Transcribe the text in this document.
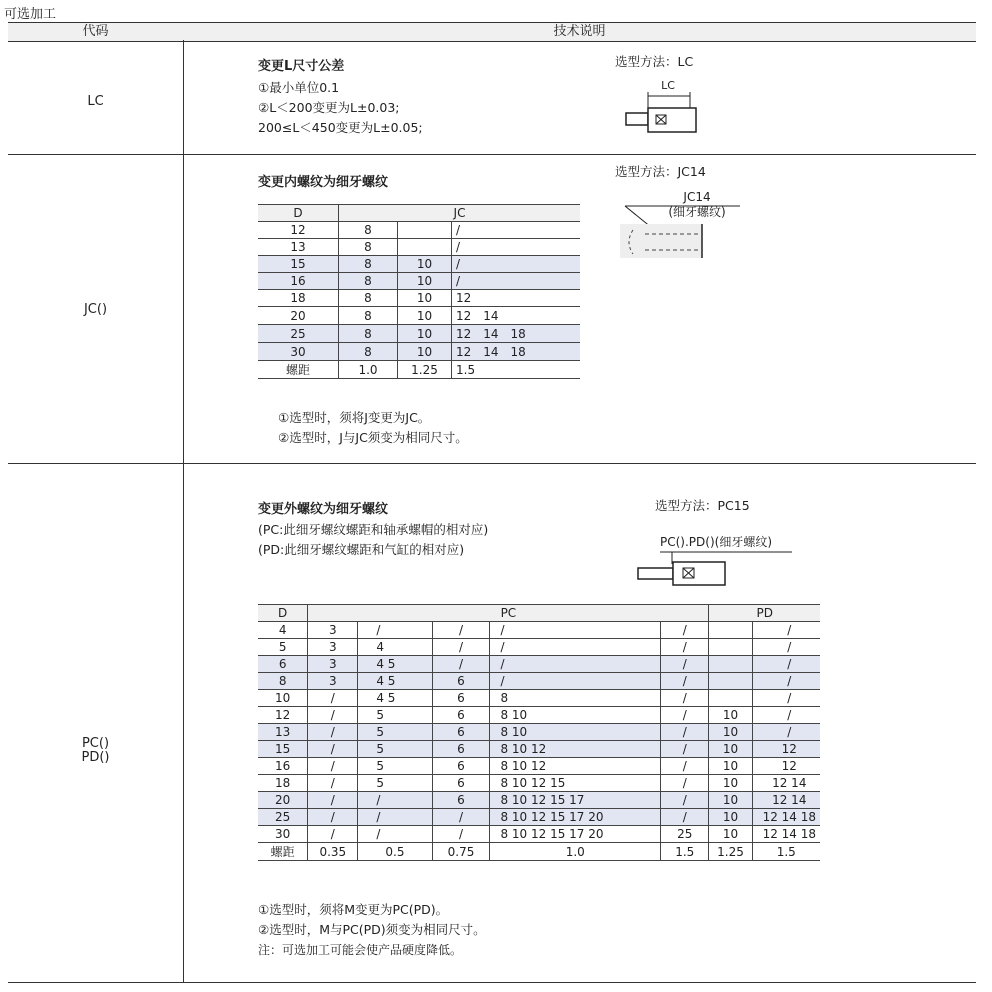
可选加工
代码	技术说明
LC
变更L尺寸公差
①最小单位0.1
②L＜200变更为L±0.03;
200≤L＜450变更为L±0.05;
选型方法：LC
LC
JC()
变更内螺纹为细牙螺纹
选型方法：JC14
JC14
(细牙螺纹)
D	JC		
12	8		/
13	8		/
15	8	10	/
16	8	10	/
18	8	10	12
20	8	10	12　14
25	8	10	12　14　18
30	8	10	12　14　18
螺距	1.0	1.25	1.5
①选型时，须将J变更为JC。
②选型时，J与JC须变为相同尺寸。
PC()
PD()
变更外螺纹为细牙螺纹
(PC:此细牙螺纹螺距和轴承螺帽的相对应)
(PD:此细牙螺纹螺距和气缸的相对应)
选型方法：PC15
PC().PD()(细牙螺纹)
D	PC					PD	
4	3	/	/	/	/		/
5	3	4	/	/	/		/
6	3	4 5	/	/	/		/
8	3	4 5	6	/	/		/
10	/	4 5	6	8	/		/
12	/	5	6	8 10	/	10	/
13	/	5	6	8 10	/	10	/
15	/	5	6	8 10 12	/	10	12
16	/	5	6	8 10 12	/	10	12
18	/	5	6	8 10 12 15	/	10	12 14
20	/	/	6	8 10 12 15 17	/	10	12 14
25	/	/	/	8 10 12 15 17 20	/	10	12 14 18
30	/	/	/	8 10 12 15 17 20	25	10	12 14 18
螺距	0.35	0.5	0.75	1.0	1.5	1.25	1.5
①选型时，须将M变更为PC(PD)。
②选型时，M与PC(PD)须变为相同尺寸。
注：可选加工可能会使产品硬度降低。
